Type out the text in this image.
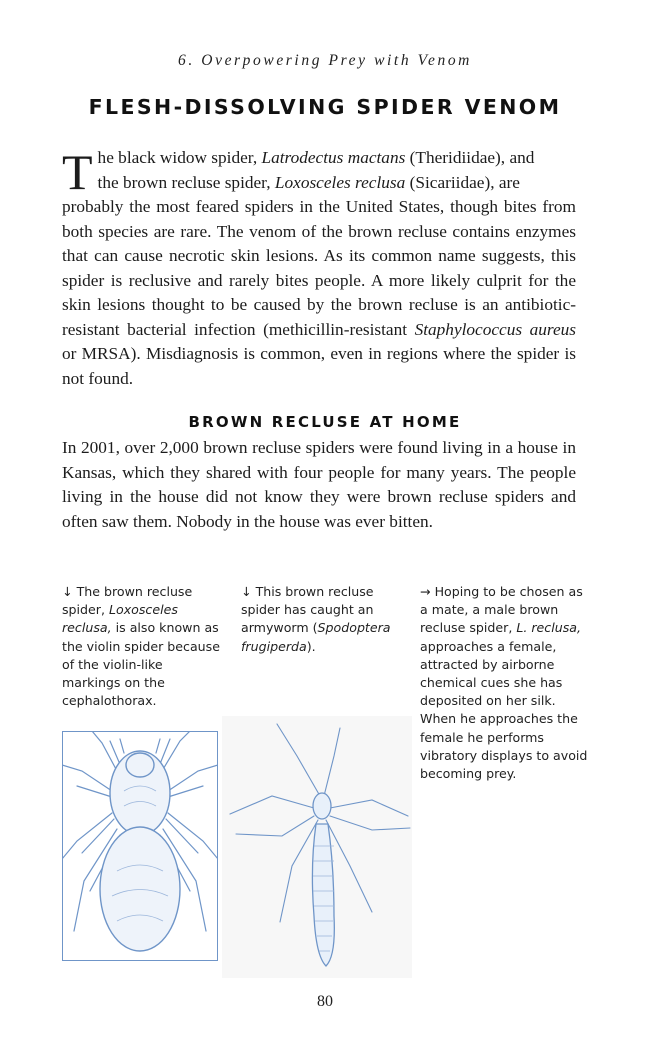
6. Overpowering Prey with Venom
FLESH-DISSOLVING SPIDER VENOM
T he black widow spider, Latrodectus mactans (Theridiidae), and
the brown recluse spider, Loxosceles reclusa (Sicariidae), are
probably the most feared spiders in the United States, though bites from both species are rare. The venom of the brown recluse contains enzymes that can cause necrotic skin lesions. As its common name suggests, this spider is reclusive and rarely bites people. A more likely culprit for the skin lesions thought to be caused by the brown recluse is an antibiotic-resistant bacterial infection (methicillin-resistant Staphylococcus aureus or MRSA). Misdiagnosis is common, even in regions where the spider is not found.
BROWN RECLUSE AT HOME
In 2001, over 2,000 brown recluse spiders were found living in a house in Kansas, which they shared with four people for many years. The people living in the house did not know they were brown recluse spiders and often saw them. Nobody in the house was ever bitten.
↓ The brown recluse spider, Loxosceles reclusa, is also known as the violin spider because of the violin-like markings on the cephalothorax.
↓ This brown recluse spider has caught an armyworm (Spodoptera frugiperda).
→ Hoping to be chosen as a mate, a male brown recluse spider, L. reclusa, approaches a female, attracted by airborne chemical cues she has deposited on her silk. When he approaches the female he performs vibratory displays to avoid becoming prey.
80
